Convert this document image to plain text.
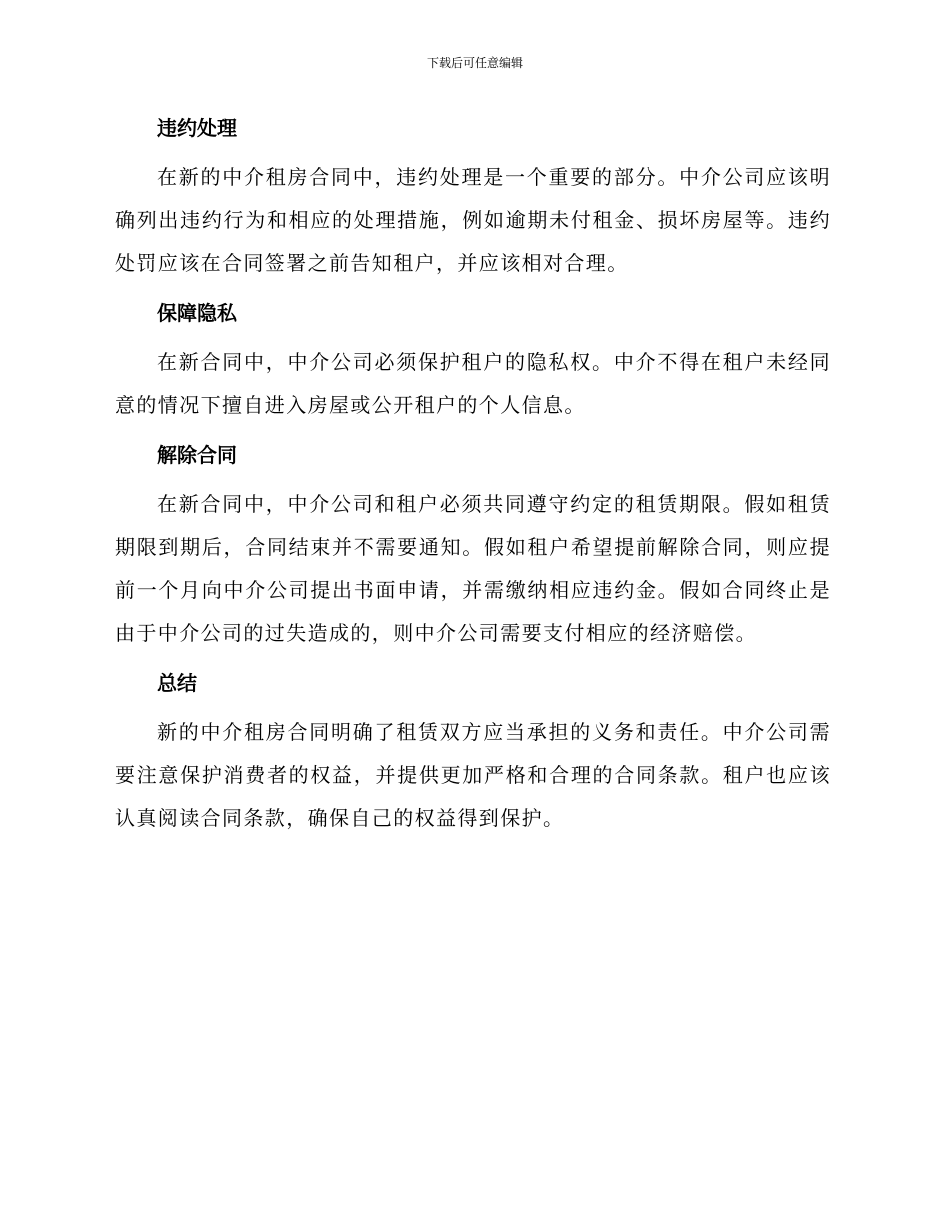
下载后可任意编辑
违约处理

在新的中介租房合同中，违约处理是一个重要的部分。中介公司应该明确列出违约行为和相应的处理措施，例如逾期未付租金、损坏房屋等。违约处罚应该在合同签署之前告知租户，并应该相对合理。

保障隐私

在新合同中，中介公司必须保护租户的隐私权。中介不得在租户未经同意的情况下擅自进入房屋或公开租户的个人信息。

解除合同

在新合同中，中介公司和租户必须共同遵守约定的租赁期限。假如租赁期限到期后，合同结束并不需要通知。假如租户希望提前解除合同，则应提前一个月向中介公司提出书面申请，并需缴纳相应违约金。假如合同终止是由于中介公司的过失造成的，则中介公司需要支付相应的经济赔偿。

总结

新的中介租房合同明确了租赁双方应当承担的义务和责任。中介公司需要注意保护消费者的权益，并提供更加严格和合理的合同条款。租户也应该认真阅读合同条款，确保自己的权益得到保护。
